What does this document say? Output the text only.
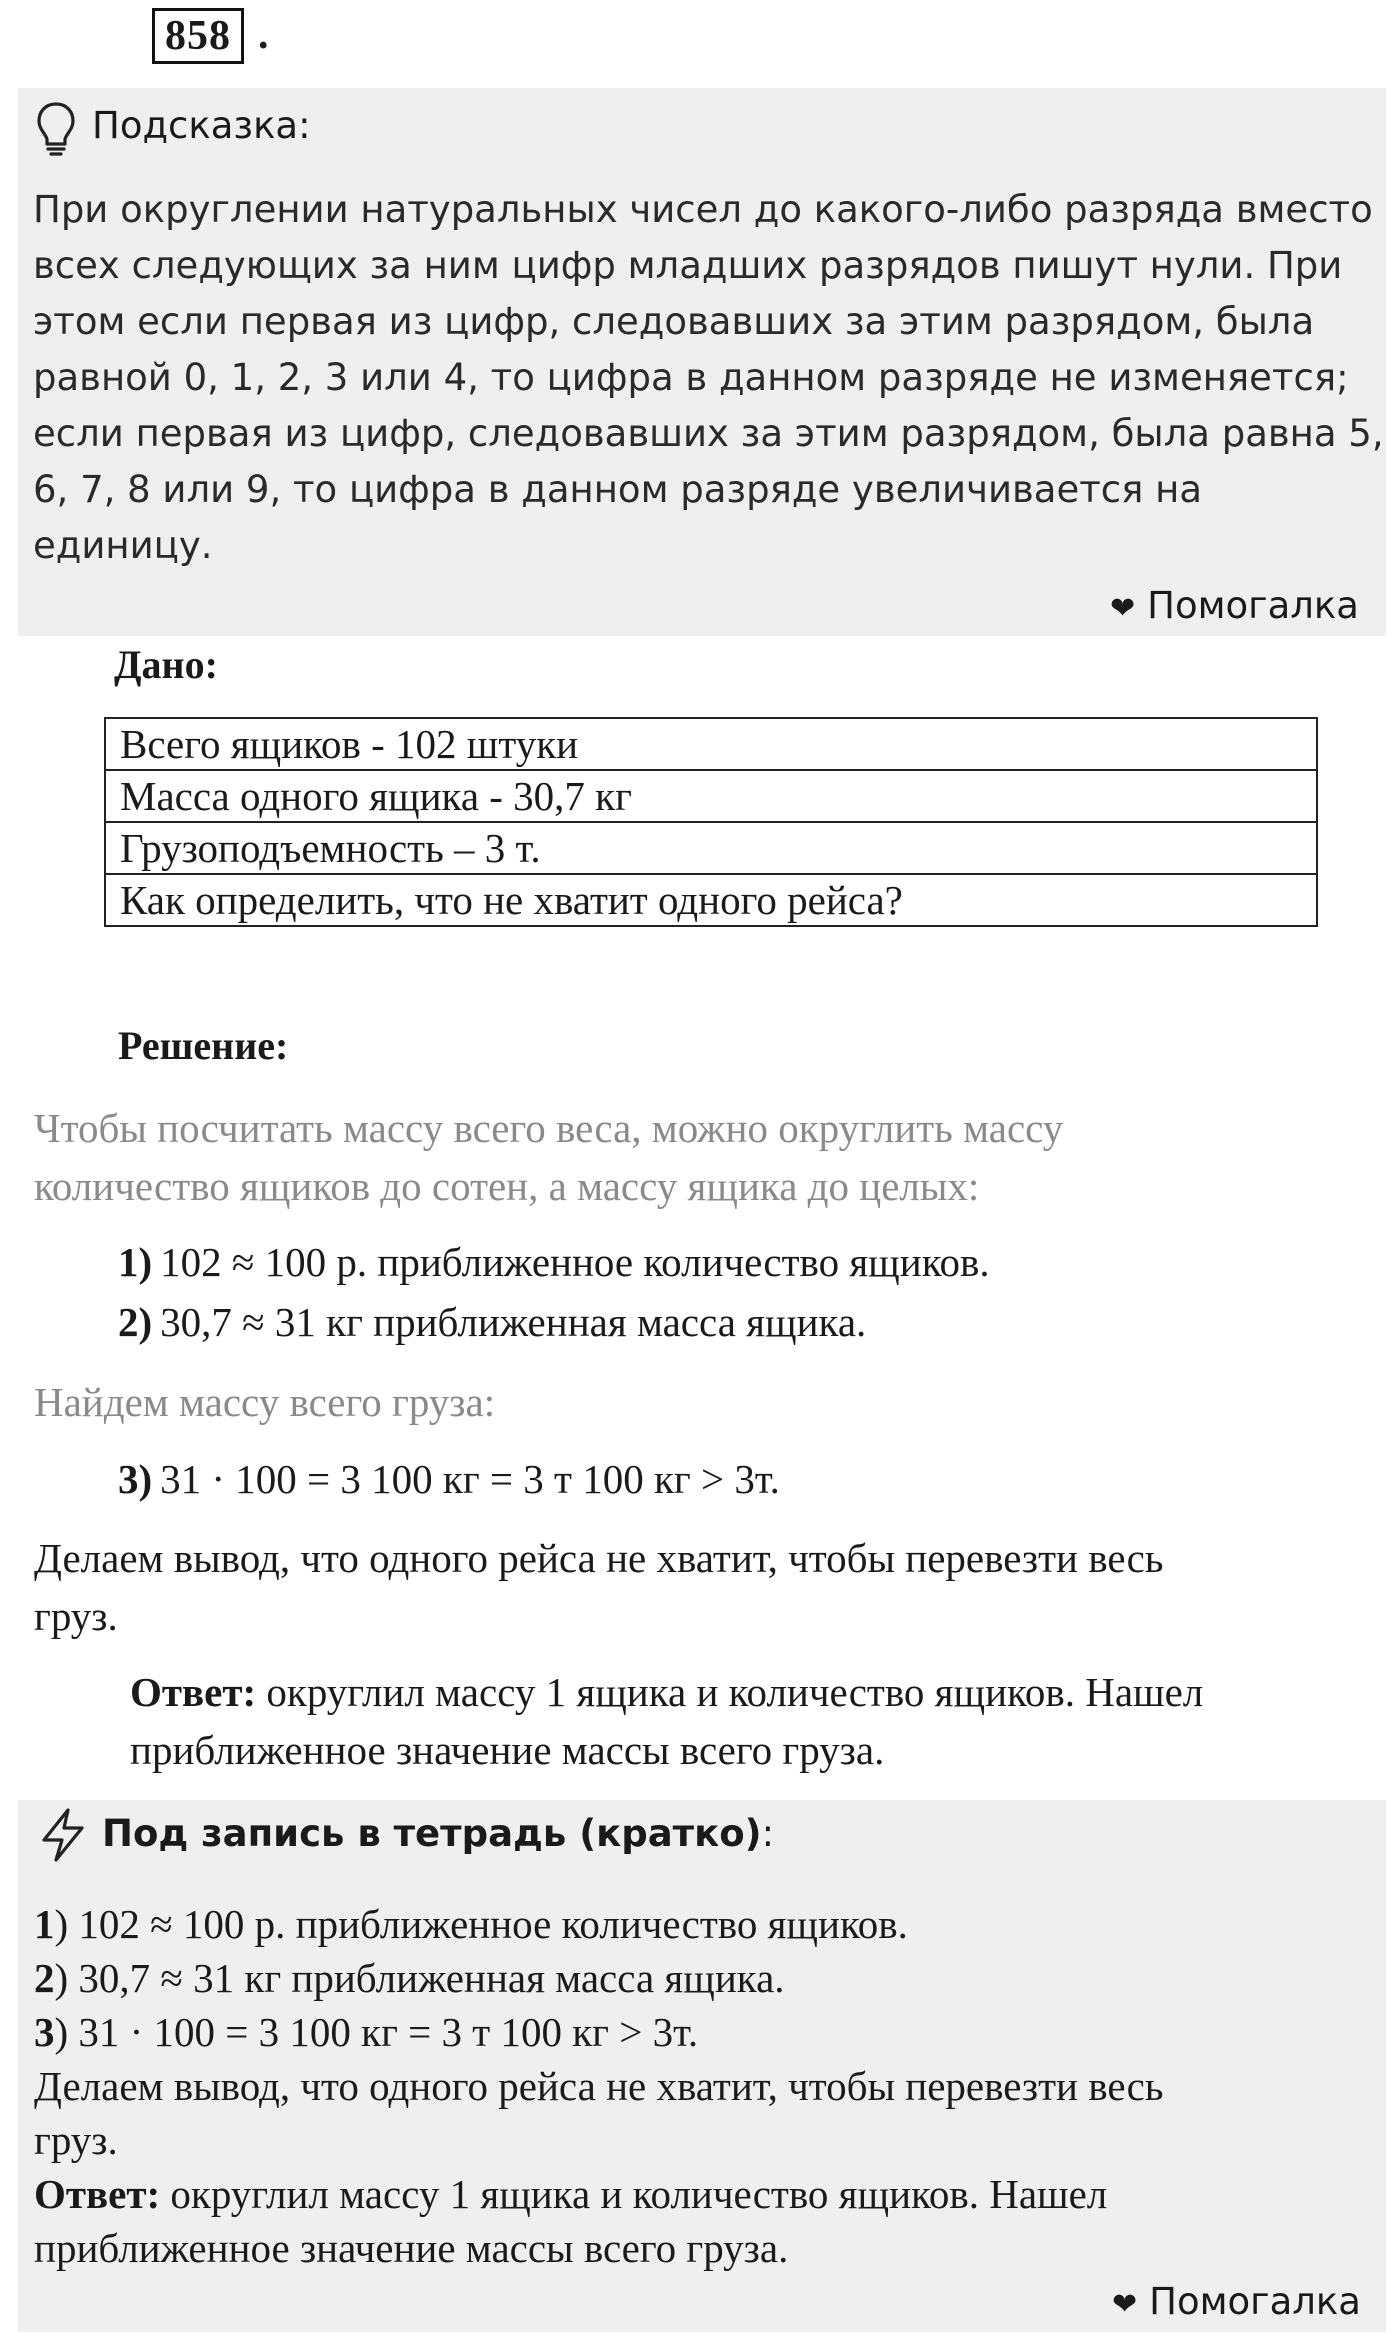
858 .
Подсказка:
При округлении натуральных чисел до какого-либо разряда вместо
всех следующих за ним цифр младших разрядов пишут нули. При
этом если первая из цифр, следовавших за этим разрядом, была
равной 0, 1, 2, 3 или 4, то цифра в данном разряде не изменяется;
если первая из цифр, следовавших за этим разрядом, была равна 5,
6, 7, 8 или 9, то цифра в данном разряде увеличивается на
единицу.
❤ Помогалка
Дано:
Всего ящиков - 102 штуки
Масса одного ящика - 30,7 кг
Грузоподъемность – 3 т.
Как определить, что не хватит одного рейса?
Решение:
Чтобы посчитать массу всего веса, можно округлить массу
количество ящиков до сотен, а массу ящика до целых:
1) 102 ≈ 100 р. приближенное количество ящиков.
2) 30,7 ≈ 31 кг приближенная масса ящика.
Найдем массу всего груза:
3) 31 · 100 = 3 100 кг = 3 т 100 кг > 3т.
Делаем вывод, что одного рейса не хватит, чтобы перевезти весь
груз.
Ответ: округлил массу 1 ящика и количество ящиков. Нашел
приближенное значение массы всего груза.
Под запись в тетрадь (кратко):
1) 102 ≈ 100 р. приближенное количество ящиков.
2) 30,7 ≈ 31 кг приближенная масса ящика.
3) 31 · 100 = 3 100 кг = 3 т 100 кг > 3т.
Делаем вывод, что одного рейса не хватит, чтобы перевезти весь
груз.
Ответ: округлил массу 1 ящика и количество ящиков. Нашел
приближенное значение массы всего груза.
❤ Помогалка
